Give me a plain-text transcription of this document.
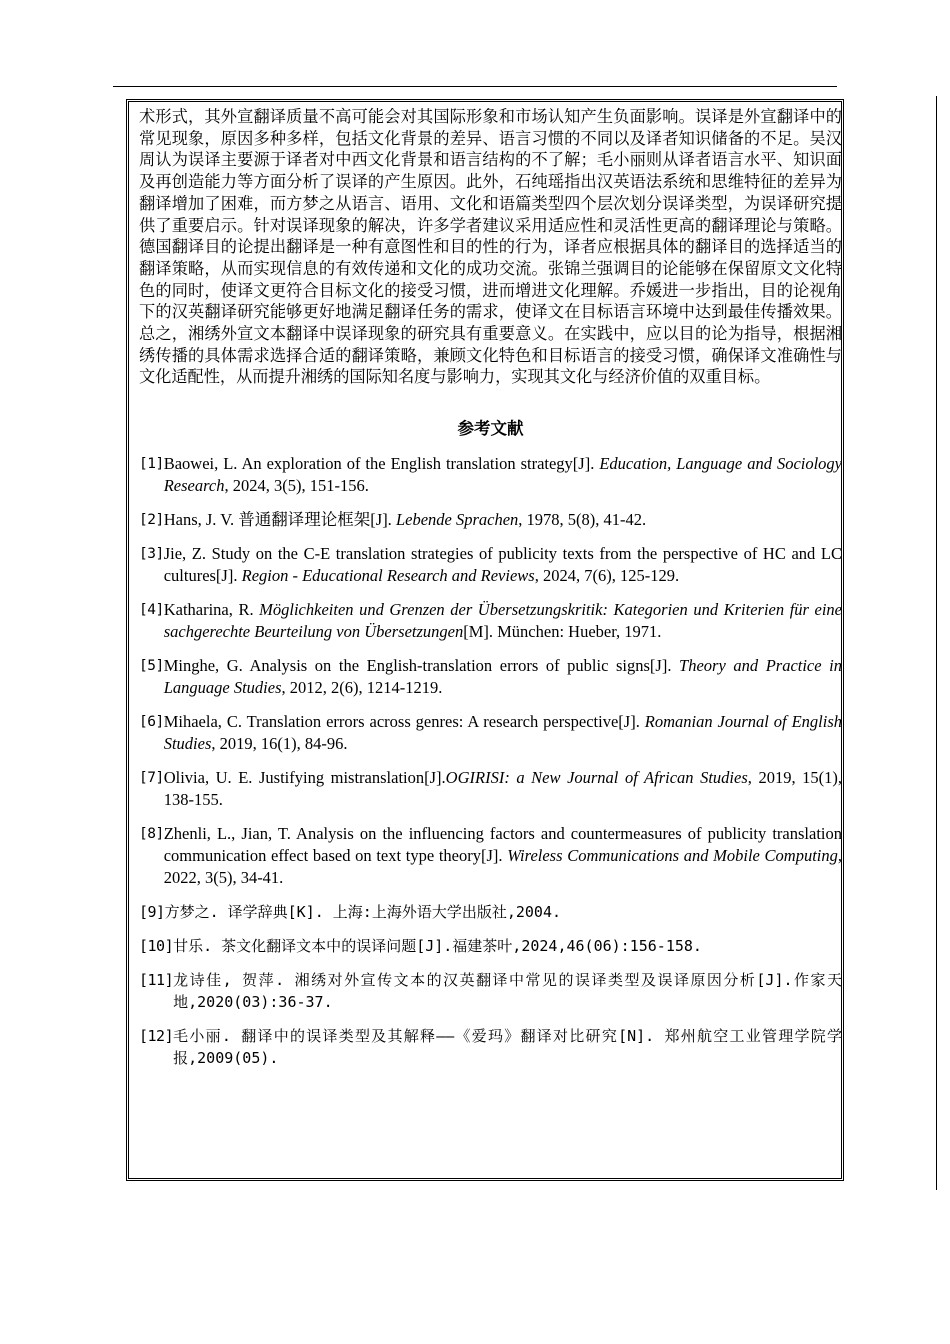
术形式，其外宣翻译质量不高可能会对其国际形象和市场认知产生负面影响。误译是外宣翻译中的常见现象，原因多种多样，包括文化背景的差异、语言习惯的不同以及译者知识储备的不足。吴汉周认为误译主要源于译者对中西文化背景和语言结构的不了解；毛小丽则从译者语言水平、知识面及再创造能力等方面分析了误译的产生原因。此外，石纯瑶指出汉英语法系统和思维特征的差异为翻译增加了困难，而方梦之从语言、语用、文化和语篇类型四个层次划分误译类型，为误译研究提供了重要启示。针对误译现象的解决，许多学者建议采用适应性和灵活性更高的翻译理论与策略。德国翻译目的论提出翻译是一种有意图性和目的性的行为，译者应根据具体的翻译目的选择适当的翻译策略，从而实现信息的有效传递和文化的成功交流。张锦兰强调目的论能够在保留原文文化特色的同时，使译文更符合目标文化的接受习惯，进而增进文化理解。乔媛进一步指出，目的论视角下的汉英翻译研究能够更好地满足翻译任务的需求，使译文在目标语言环境中达到最佳传播效果。总之，湘绣外宣文本翻译中误译现象的研究具有重要意义。在实践中，应以目的论为指导，根据湘绣传播的具体需求选择合适的翻译策略，兼顾文化特色和目标语言的接受习惯，确保译文准确性与文化适配性，从而提升湘绣的国际知名度与影响力，实现其文化与经济价值的双重目标。

参考文献
[1] Baowei, L. An exploration of the English translation strategy[J]. Education, Language and Sociology Research, 2024, 3(5), 151-156.
[2] Hans, J. V. 普通翻译理论框架[J]. Lebende Sprachen, 1978, 5(8), 41-42.
[3] Jie, Z. Study on the C-E translation strategies of publicity texts from the perspective of HC and LC cultures[J]. Region - Educational Research and Reviews, 2024, 7(6), 125-129.
[4] Katharina, R. Möglichkeiten und Grenzen der Übersetzungskritik: Kategorien und Kriterien für eine sachgerechte Beurteilung von Übersetzungen[M]. München: Hueber, 1971.
[5] Minghe, G. Analysis on the English-translation errors of public signs[J]. Theory and Practice in Language Studies, 2012, 2(6), 1214-1219.
[6] Mihaela, C. Translation errors across genres: A research perspective[J]. Romanian Journal of English Studies, 2019, 16(1), 84-96.
[7] Olivia, U. E. Justifying mistranslation[J].OGIRISI: a New Journal of African Studies, 2019, 15(1), 138-155.
[8] Zhenli, L., Jian, T. Analysis on the influencing factors and countermeasures of publicity translation communication effect based on text type theory[J]. Wireless Communications and Mobile Computing, 2022, 3(5), 34-41.
[9] 方梦之. 译学辞典[K]. 上海:上海外语大学出版社,2004.
[10] 甘乐. 茶文化翻译文本中的误译问题[J].福建茶叶,2024,46(06):156-158.
[11] 龙诗佳, 贺萍. 湘绣对外宣传文本的汉英翻译中常见的误译类型及误译原因分析[J].作家天地,2020(03):36-37.
[12] 毛小丽. 翻译中的误译类型及其解释——《爱玛》翻译对比研究[N]. 郑州航空工业管理学院学报,2009(05).
